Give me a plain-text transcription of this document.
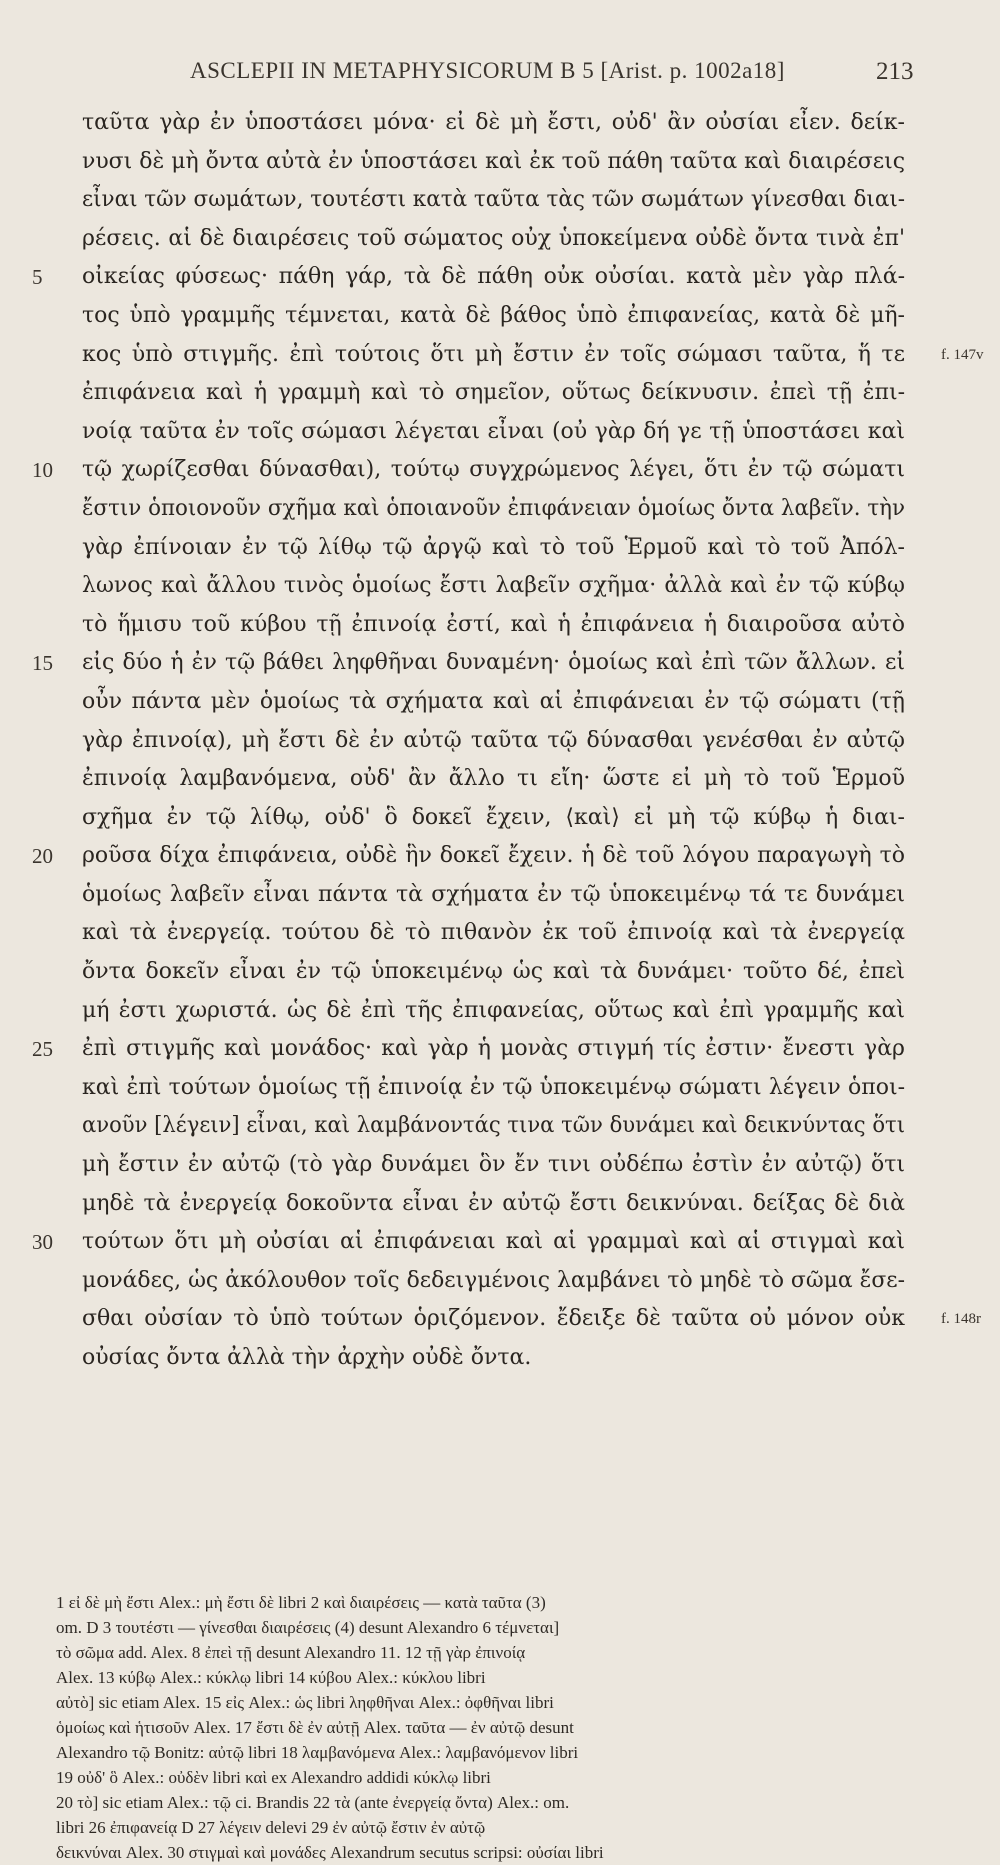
ASCLEPII IN METAPHYSICORUM B 5 [Arist. p. 1002a18]	213
ταῦτα γὰρ ἐν ὑποστάσει μόνα· εἰ δὲ μὴ ἔστι, οὐδ' ἂν οὐσίαι εἶεν. δείκ-
νυσι δὲ μὴ ὄντα αὐτὰ ἐν ὑποστάσει καὶ ἐκ τοῦ πάθη ταῦτα καὶ διαιρέσεις
εἶναι τῶν σωμάτων, τουτέστι κατὰ ταῦτα τὰς τῶν σωμάτων γίνεσθαι διαι-
ρέσεις. αἱ δὲ διαιρέσεις τοῦ σώματος οὐχ ὑποκείμενα οὐδὲ ὄντα τινὰ ἐπ'
5	οἰκείας φύσεως· πάθη γάρ, τὰ δὲ πάθη οὐκ οὐσίαι. κατὰ μὲν γὰρ πλά-
τος ὑπὸ γραμμῆς τέμνεται, κατὰ δὲ βάθος ὑπὸ ἐπιφανείας, κατὰ δὲ μῆ-
κος ὑπὸ στιγμῆς. ἐπὶ τούτοις ὅτι μὴ ἔστιν ἐν τοῖς σώμασι ταῦτα, ἥ τε f. 147v
ἐπιφάνεια καὶ ἡ γραμμὴ καὶ τὸ σημεῖον, οὕτως δείκνυσιν. ἐπεὶ τῇ ἐπι-
νοίᾳ ταῦτα ἐν τοῖς σώμασι λέγεται εἶναι (οὐ γὰρ δή γε τῇ ὑποστάσει καὶ
10	τῷ χωρίζεσθαι δύνασθαι), τούτῳ συγχρώμενος λέγει, ὅτι ἐν τῷ σώματι
ἔστιν ὁποιονοῦν σχῆμα καὶ ὁποιανοῦν ἐπιφάνειαν ὁμοίως ὄντα λαβεῖν. τὴν
γὰρ ἐπίνοιαν ἐν τῷ λίθῳ τῷ ἀργῷ καὶ τὸ τοῦ Ἑρμοῦ καὶ τὸ τοῦ Ἀπόλ-
λωνος καὶ ἄλλου τινὸς ὁμοίως ἔστι λαβεῖν σχῆμα· ἀλλὰ καὶ ἐν τῷ κύβῳ
τὸ ἥμισυ τοῦ κύβου τῇ ἐπινοίᾳ ἐστί, καὶ ἡ ἐπιφάνεια ἡ διαιροῦσα αὐτὸ
15	εἰς δύο ἡ ἐν τῷ βάθει ληφθῆναι δυναμένη· ὁμοίως καὶ ἐπὶ τῶν ἄλλων. εἰ
οὖν πάντα μὲν ὁμοίως τὰ σχήματα καὶ αἱ ἐπιφάνειαι ἐν τῷ σώματι (τῇ
γὰρ ἐπινοίᾳ), μὴ ἔστι δὲ ἐν αὐτῷ ταῦτα τῷ δύνασθαι γενέσθαι ἐν αὐτῷ
ἐπινοίᾳ λαμβανόμενα, οὐδ' ἂν ἄλλο τι εἴη· ὥστε εἰ μὴ τὸ τοῦ Ἑρμοῦ
σχῆμα ἐν τῷ λίθῳ, οὐδ' ὃ δοκεῖ ἔχειν, ⟨καὶ⟩ εἰ μὴ τῷ κύβῳ ἡ διαι-
20	ροῦσα δίχα ἐπιφάνεια, οὐδὲ ἣν δοκεῖ ἔχειν. ἡ δὲ τοῦ λόγου παραγωγὴ τὸ
ὁμοίως λαβεῖν εἶναι πάντα τὰ σχήματα ἐν τῷ ὑποκειμένῳ τά τε δυνάμει
καὶ τὰ ἐνεργείᾳ. τούτου δὲ τὸ πιθανὸν ἐκ τοῦ ἐπινοίᾳ καὶ τὰ ἐνεργείᾳ
ὄντα δοκεῖν εἶναι ἐν τῷ ὑποκειμένῳ ὡς καὶ τὰ δυνάμει· τοῦτο δέ, ἐπεὶ
μή ἐστι χωριστά. ὡς δὲ ἐπὶ τῆς ἐπιφανείας, οὕτως καὶ ἐπὶ γραμμῆς καὶ
25	ἐπὶ στιγμῆς καὶ μονάδος· καὶ γὰρ ἡ μονὰς στιγμή τίς ἐστιν· ἔνεστι γὰρ
καὶ ἐπὶ τούτων ὁμοίως τῇ ἐπινοίᾳ ἐν τῷ ὑποκειμένῳ σώματι λέγειν ὁποι-
ανοῦν [λέγειν] εἶναι, καὶ λαμβάνοντάς τινα τῶν δυνάμει καὶ δεικνύντας ὅτι
μὴ ἔστιν ἐν αὐτῷ (τὸ γὰρ δυνάμει ὃν ἔν τινι οὐδέπω ἐστὶν ἐν αὐτῷ) ὅτι
μηδὲ τὰ ἐνεργείᾳ δοκοῦντα εἶναι ἐν αὐτῷ ἔστι δεικνύναι. δείξας δὲ διὰ
30	τούτων ὅτι μὴ οὐσίαι αἱ ἐπιφάνειαι καὶ αἱ γραμμαὶ καὶ αἱ στιγμαὶ καὶ
μονάδες, ὡς ἀκόλουθον τοῖς δεδειγμένοις λαμβάνει τὸ μηδὲ τὸ σῶμα ἔσε-
σθαι οὐσίαν τὸ ὑπὸ τούτων ὁριζόμενον. ἔδειξε δὲ ταῦτα οὐ μόνον οὐκ f. 148r
οὐσίας ὄντα ἀλλὰ τὴν ἀρχὴν οὐδὲ ὄντα.
1 εἰ δὲ μὴ ἔστι Alex.: μὴ ἔστι δὲ libri 2 καὶ διαιρέσεις — κατὰ ταῦτα (3)
om. D 3 τουτέστι — γίνεσθαι διαιρέσεις (4) desunt Alexandro 6 τέμνεται]
τὸ σῶμα add. Alex. 8 ἐπεὶ τῇ desunt Alexandro 11. 12 τῇ γὰρ ἐπινοίᾳ
Alex. 13 κύβῳ Alex.: κύκλῳ libri 14 κύβου Alex.: κύκλου libri
αὐτὸ] sic etiam Alex. 15 εἰς Alex.: ὡς libri ληφθῆναι Alex.: ὀφθῆναι libri
ὁμοίως καὶ ἡτισοῦν Alex. 17 ἔστι δὲ ἐν αὐτῇ Alex. ταῦτα — ἐν αὐτῷ desunt
Alexandro τῷ Bonitz: αὐτῷ libri 18 λαμβανόμενα Alex.: λαμβανόμενον libri
19 οὐδ' ὃ Alex.: οὐδὲν libri καὶ ex Alexandro addidi κύκλῳ libri
20 τὸ] sic etiam Alex.: τῷ ci. Brandis 22 τὰ (ante ἐνεργείᾳ ὄντα) Alex.: om.
libri 26 ἐπιφανείᾳ D 27 λέγειν delevi 29 ἐν αὐτῷ ἔστιν ἐν αὐτῷ
δεικνύναι Alex. 30 στιγμαὶ καὶ μονάδες Alexandrum secutus scripsi: οὐσίαι libri
